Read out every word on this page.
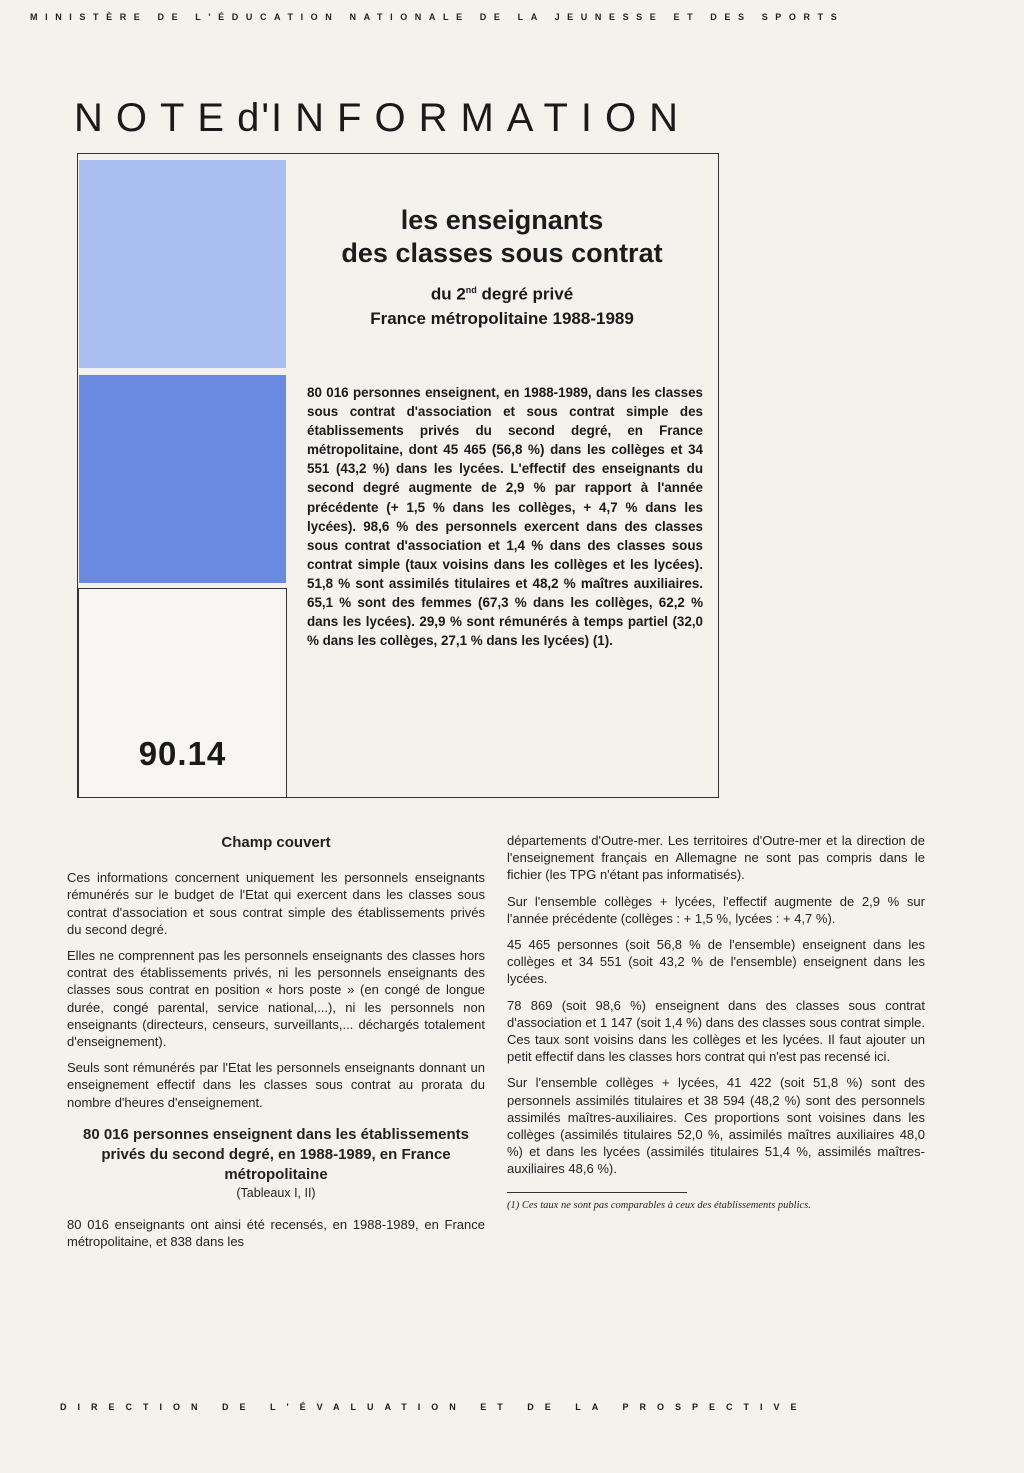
MINISTÈRE DE L'ÉDUCATION NATIONALE DE LA JEUNESSE ET DES SPORTS
NOTEd'INFORMATION
90.14
les enseignants
des classes sous contrat
du 2nd degré privé
France métropolitaine 1988-1989
80 016 personnes enseignent, en 1988-1989, dans les classes sous contrat d'association et sous contrat simple des établissements privés du second degré, en France métropolitaine, dont 45 465 (56,8 %) dans les collèges et 34 551 (43,2 %) dans les lycées. L'effectif des enseignants du second degré augmente de 2,9 % par rapport à l'année précédente (+ 1,5 % dans les collèges, + 4,7 % dans les lycées). 98,6 % des personnels exercent dans des classes sous contrat d'association et 1,4 % dans des classes sous contrat simple (taux voisins dans les collèges et les lycées). 51,8 % sont assimilés titulaires et 48,2 % maîtres auxiliaires. 65,1 % sont des femmes (67,3 % dans les collèges, 62,2 % dans les lycées). 29,9 % sont rémunérés à temps partiel (32,0 % dans les collèges, 27,1 % dans les lycées) (1).
Champ couvert

Ces informations concernent uniquement les personnels enseignants rémunérés sur le budget de l'Etat qui exercent dans les classes sous contrat d'association et sous contrat simple des établissements privés du second degré.

Elles ne comprennent pas les personnels enseignants des classes hors contrat des établissements privés, ni les personnels enseignants des classes sous contrat en position « hors poste » (en congé de longue durée, congé parental, service national,...), ni les personnels non enseignants (directeurs, censeurs, surveillants,... déchargés totalement d'enseignement).

Seuls sont rémunérés par l'Etat les personnels enseignants donnant un enseignement effectif dans les classes sous contrat au prorata du nombre d'heures d'enseignement.

80 016 personnes enseignent dans les établissements privés du second degré, en 1988-1989, en France métropolitaine
(Tableaux I, II)

80 016 enseignants ont ainsi été recensés, en 1988-1989, en France métropolitaine, et 838 dans les

départements d'Outre-mer. Les territoires d'Outre-mer et la direction de l'enseignement français en Allemagne ne sont pas compris dans le fichier (les TPG n'étant pas informatisés).

Sur l'ensemble collèges + lycées, l'effectif augmente de 2,9 % sur l'année précédente (collèges : + 1,5 %, lycées : + 4,7 %).

45 465 personnes (soit 56,8 % de l'ensemble) enseignent dans les collèges et 34 551 (soit 43,2 % de l'ensemble) enseignent dans les lycées.

78 869 (soit 98,6 %) enseignent dans des classes sous contrat d'association et 1 147 (soit 1,4 %) dans des classes sous contrat simple. Ces taux sont voisins dans les collèges et les lycées. Il faut ajouter un petit effectif dans les classes hors contrat qui n'est pas recensé ici.

Sur l'ensemble collèges + lycées, 41 422 (soit 51,8 %) sont des personnels assimilés titulaires et 38 594 (48,2 %) sont des personnels assimilés maîtres-auxiliaires. Ces proportions sont voisines dans les collèges (assimilés titulaires 52,0 %, assimilés maîtres auxiliaires 48,0 %) et dans les lycées (assimilés titulaires 51,4 %, assimilés maîtres-auxiliaires 48,6 %).

(1) Ces taux ne sont pas comparables à ceux des établissements publics.
DIRECTION DE L'ÉVALUATION ET DE LA PROSPECTIVE
